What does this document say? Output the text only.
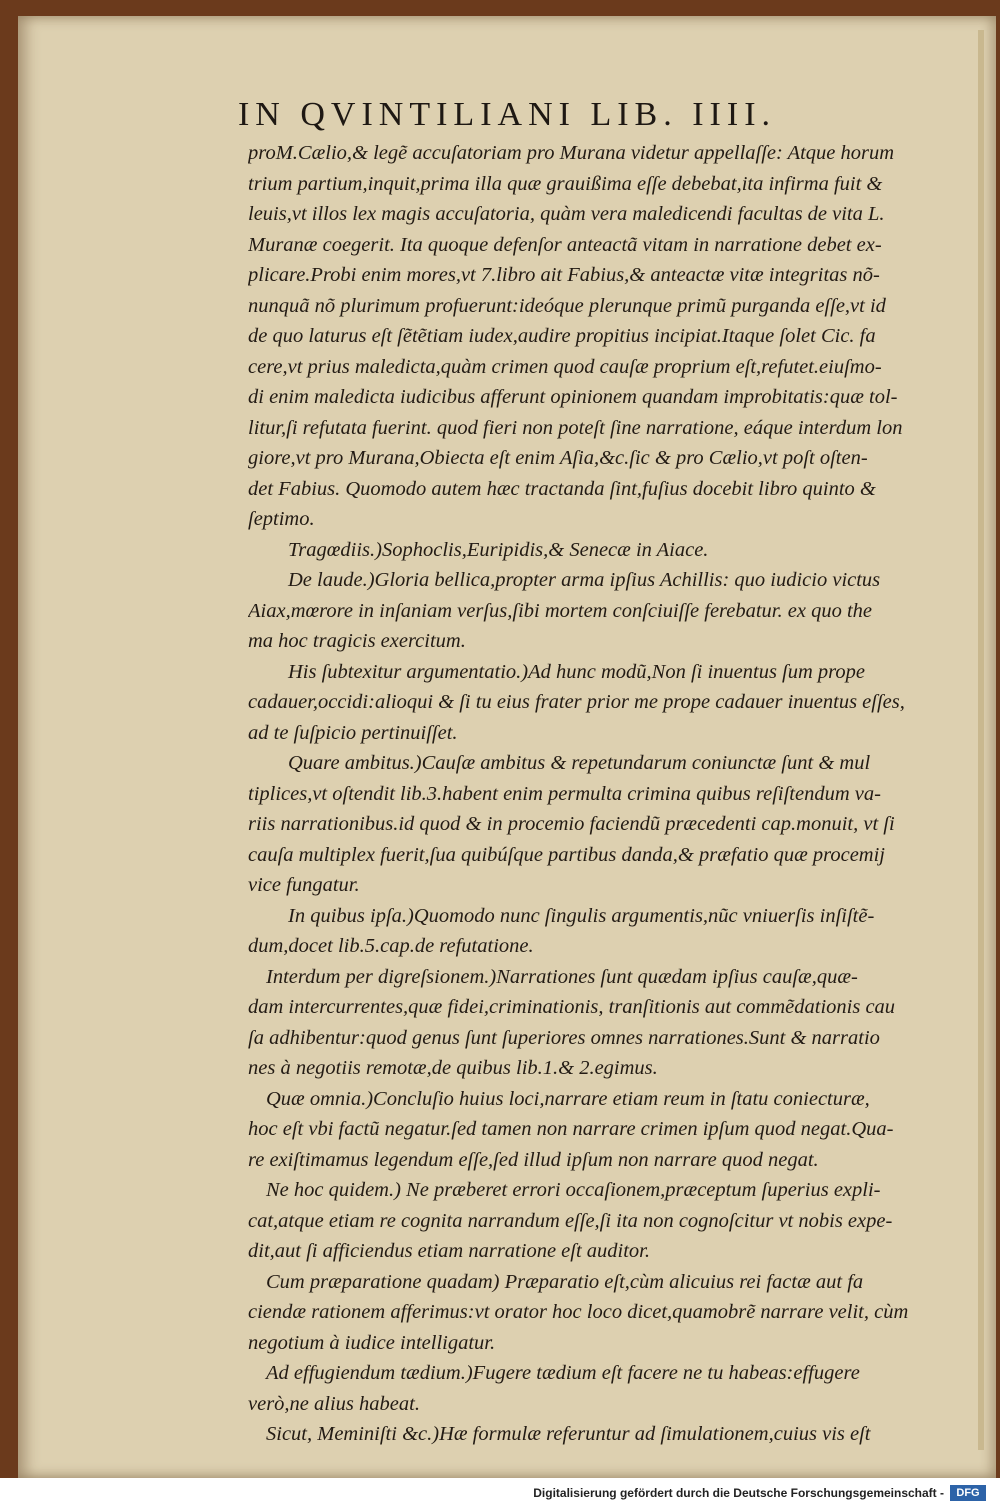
IN QVINTILIANI LIB. IIII.
proM.Cælio,& legẽ accuſatoriam pro Murana videtur appellaſſe: Atque horum
trium partium,inquit,prima illa quæ grauißima eſſe debebat,ita infirma fuit &
leuis,vt illos lex magis accuſatoria, quàm vera maledicendi facultas de vita L.
Muranæ coegerit. Ita quoque defenſor anteactã vitam in narratione debet ex-
plicare.Probi enim mores,vt 7.libro ait Fabius,& anteactæ vitæ integritas nõ-
nunquã nõ plurimum profuerunt:ideóque plerunque primũ purganda eſſe,vt id
de quo laturus eſt ſẽtẽtiam iudex,audire propitius incipiat.Itaque ſolet Cic. fa
cere,vt prius maledicta,quàm crimen quod cauſæ proprium eſt,refutet.eiuſmo-
di enim maledicta iudicibus afferunt opinionem quandam improbitatis:quæ tol-
litur,ſi refutata fuerint. quod fieri non poteſt ſine narratione, eáque interdum lon
giore,vt pro Murana,Obiecta eſt enim Aſia,&c.ſic & pro Cælio,vt poſt oſten-
det Fabius. Quomodo autem hæc tractanda ſint,fuſius docebit libro quinto &
ſeptimo.
Tragœdiis.)Sophoclis,Euripidis,& Senecæ in Aiace.
De laude.)Gloria bellica,propter arma ipſius Achillis: quo iudicio victus
Aiax,mœrore in inſaniam verſus,ſibi mortem conſciuiſſe ferebatur. ex quo the
ma hoc tragicis exercitum.
His ſubtexitur argumentatio.)Ad hunc modũ,Non ſi inuentus ſum prope
cadauer,occidi:alioqui & ſi tu eius frater prior me prope cadauer inuentus eſſes,
ad te ſuſpicio pertinuiſſet.
Quare ambitus.)Cauſæ ambitus & repetundarum coniunctæ ſunt & mul
tiplices,vt oſtendit lib.3.habent enim permulta crimina quibus reſiſtendum va-
riis narrationibus.id quod & in procemio faciendũ præcedenti cap.monuit, vt ſi
cauſa multiplex fuerit,ſua quibúſque partibus danda,& præfatio quæ procemij
vice fungatur.
In quibus ipſa.)Quomodo nunc ſingulis argumentis,nũc vniuerſis inſiſtẽ-
dum,docet lib.5.cap.de refutatione.
Interdum per digreſsionem.)Narrationes ſunt quædam ipſius cauſæ,quæ-
dam intercurrentes,quæ fidei,criminationis, tranſitionis aut commẽdationis cau
ſa adhibentur:quod genus ſunt ſuperiores omnes narrationes.Sunt & narratio
nes à negotiis remotæ,de quibus lib.1.& 2.egimus.
Quæ omnia.)Concluſio huius loci,narrare etiam reum in ſtatu coniecturæ,
hoc eſt vbi factũ negatur.ſed tamen non narrare crimen ipſum quod negat.Qua-
re exiſtimamus legendum eſſe,ſed illud ipſum non narrare quod negat.
Ne hoc quidem.) Ne præberet errori occaſionem,præceptum ſuperius expli-
cat,atque etiam re cognita narrandum eſſe,ſi ita non cognoſcitur vt nobis expe-
dit,aut ſi afficiendus etiam narratione eſt auditor.
Cum præparatione quadam) Præparatio eſt,cùm alicuius rei factæ aut fa
ciendæ rationem afferimus:vt orator hoc loco dicet,quamobrẽ narrare velit, cùm
negotium à iudice intelligatur.
Ad effugiendum tædium.)Fugere tædium eſt facere ne tu habeas:effugere
verò,ne alius habeat.
Sicut, Meminiſti &c.)Hæ formulæ referuntur ad ſimulationem,cuius vis eſt
Digitalisierung gefördert durch die Deutsche Forschungsgemeinschaft -	DFG
